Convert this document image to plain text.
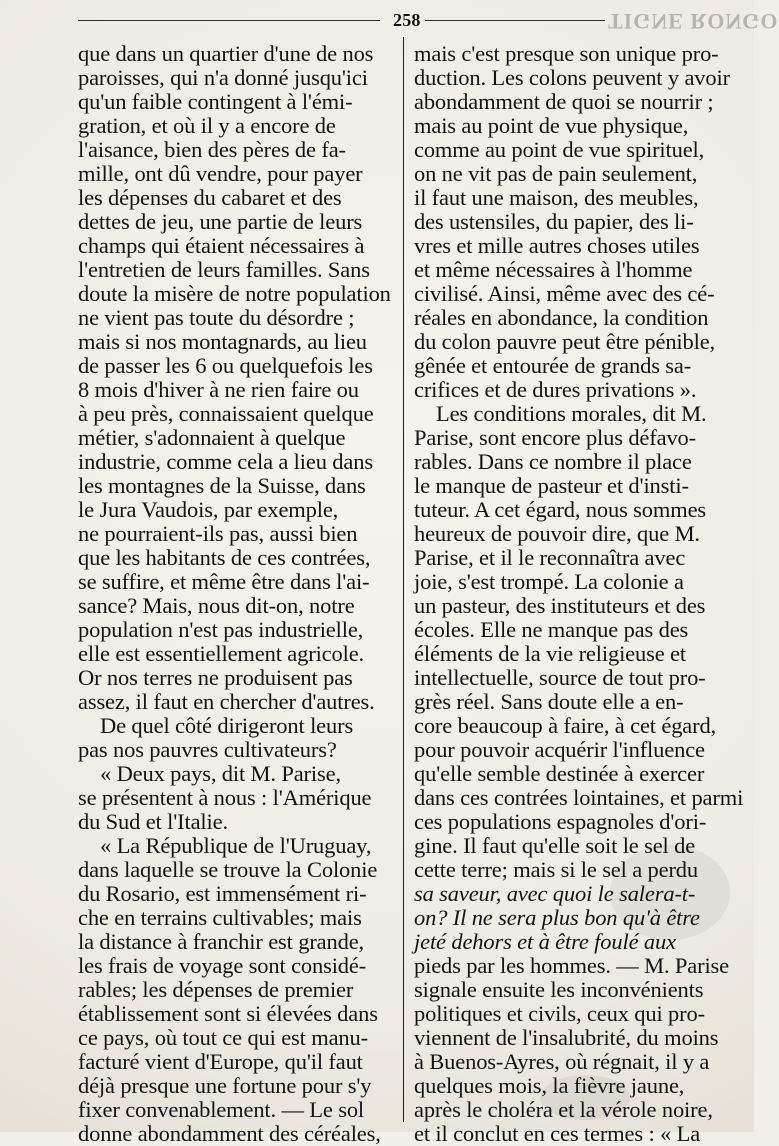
258	TIGNE RONGO
que dans un quartier d'une de nos
paroisses, qui n'a donné jusqu'ici
qu'un faible contingent à l'émi-
gration, et où il y a encore de
l'aisance, bien des pères de fa-
mille, ont dû vendre, pour payer
les dépenses du cabaret et des
dettes de jeu, une partie de leurs
champs qui étaient nécessaires à
l'entretien de leurs familles. Sans
doute la misère de notre population
ne vient pas toute du désordre ;
mais si nos montagnards, au lieu
de passer les 6 ou quelquefois les
8 mois d'hiver à ne rien faire ou
à peu près, connaissaient quelque
métier, s'adonnaient à quelque
industrie, comme cela a lieu dans
les montagnes de la Suisse, dans
le Jura Vaudois, par exemple,
ne pourraient-ils pas, aussi bien
que les habitants de ces contrées,
se suffire, et même être dans l'ai-
sance? Mais, nous dit-on, notre
population n'est pas industrielle,
elle est essentiellement agricole.
Or nos terres ne produisent pas
assez, il faut en chercher d'autres.
De quel côté dirigeront leurs
pas nos pauvres cultivateurs?
« Deux pays, dit M. Parise,
se présentent à nous : l'Amérique
du Sud et l'Italie.
« La République de l'Uruguay,
dans laquelle se trouve la Colonie
du Rosario, est immensément ri-
che en terrains cultivables; mais
la distance à franchir est grande,
les frais de voyage sont considé-
rables; les dépenses de premier
établissement sont si élevées dans
ce pays, où tout ce qui est manu-
facturé vient d'Europe, qu'il faut
déjà presque une fortune pour s'y
fixer convenablement. — Le sol
donne abondamment des céréales,
mais c'est presque son unique pro-
duction. Les colons peuvent y avoir
abondamment de quoi se nourrir ;
mais au point de vue physique,
comme au point de vue spirituel,
on ne vit pas de pain seulement,
il faut une maison, des meubles,
des ustensiles, du papier, des li-
vres et mille autres choses utiles
et même nécessaires à l'homme
civilisé. Ainsi, même avec des cé-
réales en abondance, la condition
du colon pauvre peut être pénible,
gênée et entourée de grands sa-
crifices et de dures privations ».
Les conditions morales, dit M.
Parise, sont encore plus défavo-
rables. Dans ce nombre il place
le manque de pasteur et d'insti-
tuteur. A cet égard, nous sommes
heureux de pouvoir dire, que M.
Parise, et il le reconnaîtra avec
joie, s'est trompé. La colonie a
un pasteur, des instituteurs et des
écoles. Elle ne manque pas des
éléments de la vie religieuse et
intellectuelle, source de tout pro-
grès réel. Sans doute elle a en-
core beaucoup à faire, à cet égard,
pour pouvoir acquérir l'influence
qu'elle semble destinée à exercer
dans ces contrées lointaines, et parmi
ces populations espagnoles d'ori-
gine. Il faut qu'elle soit le sel de
cette terre; mais si le sel a perdu
sa saveur, avec quoi le salera-t-
on? Il ne sera plus bon qu'à être
jeté dehors et à être foulé aux
pieds par les hommes. — M. Parise
signale ensuite les inconvénients
politiques et civils, ceux qui pro-
viennent de l'insalubrité, du moins
à Buenos-Ayres, où régnait, il y a
quelques mois, la fièvre jaune,
après le choléra et la vérole noire,
et il conclut en ces termes : « La
